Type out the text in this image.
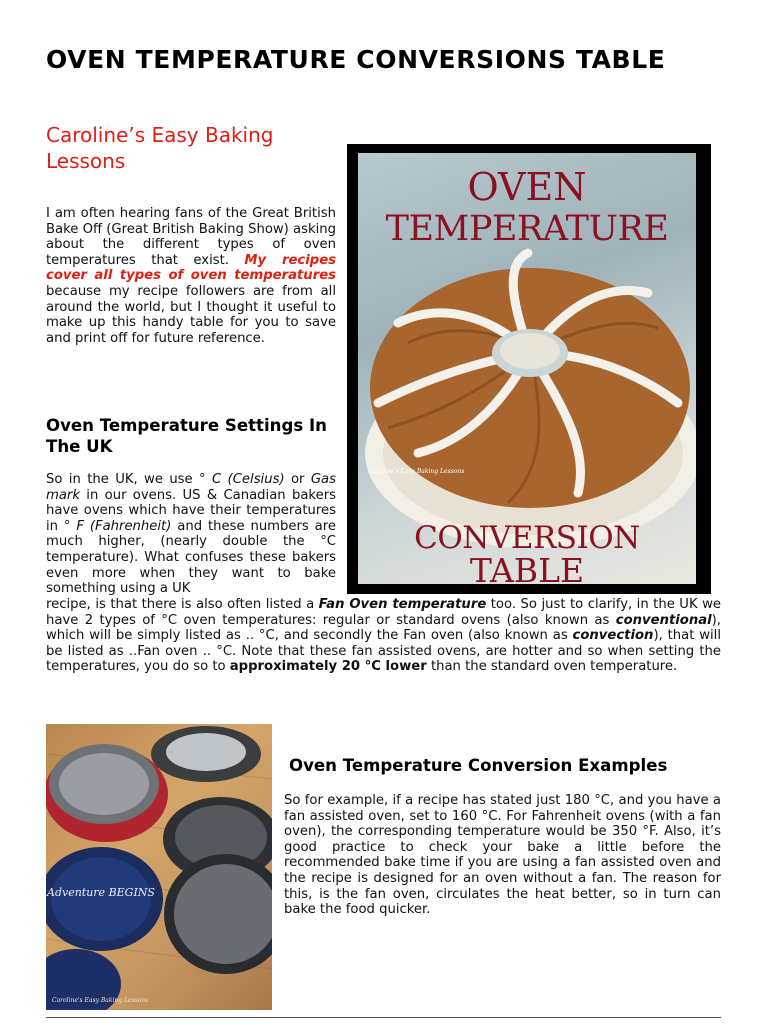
OVEN TEMPERATURE CONVERSIONS TABLE

Caroline’s Easy Baking Lessons

I am often hearing fans of the Great British Bake Off (Great British Baking Show) asking about the different types of oven temperatures that exist. My recipes cover all types of oven temperatures because my recipe followers are from all around the world, but I thought it useful to make up this handy table for you to save and print off for future reference.

Oven Temperature Settings In The UK

So in the UK, we use ° C (Celsius) or Gas mark in our ovens. US & Canadian bakers have ovens which have their temperatures in ° F (Fahrenheit) and these numbers are much higher, (nearly double the °C temperature). What confuses these bakers even more when they want to bake something using a UK

recipe, is that there is also often listed a Fan Oven temperature too. So just to clarify, in the UK we have 2 types of °C oven temperatures: regular or standard ovens (also known as conventional), which will be simply listed as .. °C, and secondly the Fan oven (also known as convection), that will be listed as ..Fan oven .. °C. Note that these fan assisted ovens, are hotter and so when setting the temperatures, you do so to approximately 20 °C lower than the standard oven temperature.

OVEN

TEMPERATURE

CONVERSION

TABLE

Caroline's Easy Baking Lessons
Adventure BEGINS
Caroline's Easy Baking Lessons
Oven Temperature Conversion Examples

So for example, if a recipe has stated just 180 °C, and you have a fan assisted oven, set to 160 °C. For Fahrenheit ovens (with a fan oven), the corresponding temperature would be 350 °F. Also, it’s good practice to check your bake a little before the recommended bake time if you are using a fan assisted oven and the recipe is designed for an oven without a fan. The reason for this, is the fan oven, circulates the heat better, so in turn can bake the food quicker.
